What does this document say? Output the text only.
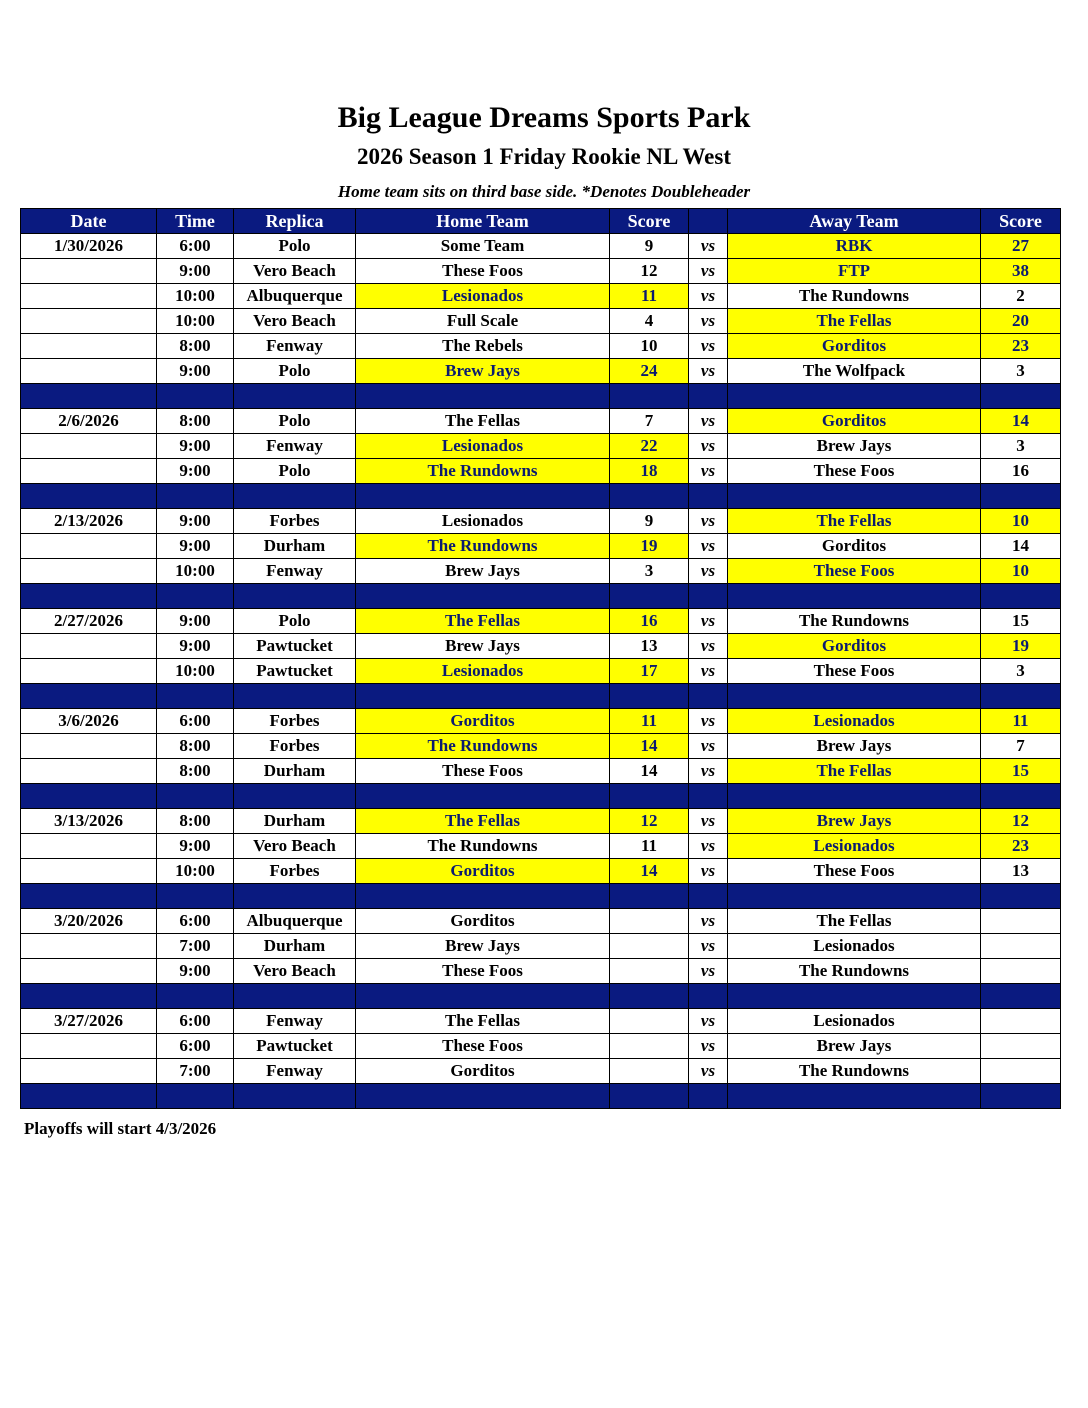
Big League Dreams Sports Park
2026 Season 1 Friday Rookie NL West
Home team sits on third base side. *Denotes Doubleheader
Date	Time	Replica	Home Team	Score		Away Team	Score
1/30/2026	6:00	Polo	Some Team	9	vs	RBK	27
	9:00	Vero Beach	These Foos	12	vs	FTP	38
	10:00	Albuquerque	Lesionados	11	vs	The Rundowns	2
	10:00	Vero Beach	Full Scale	4	vs	The Fellas	20
	8:00	Fenway	The Rebels	10	vs	Gorditos	23
	9:00	Polo	Brew Jays	24	vs	The Wolfpack	3

2/6/2026	8:00	Polo	The Fellas	7	vs	Gorditos	14
	9:00	Fenway	Lesionados	22	vs	Brew Jays	3
	9:00	Polo	The Rundowns	18	vs	These Foos	16

2/13/2026	9:00	Forbes	Lesionados	9	vs	The Fellas	10
	9:00	Durham	The Rundowns	19	vs	Gorditos	14
	10:00	Fenway	Brew Jays	3	vs	These Foos	10

2/27/2026	9:00	Polo	The Fellas	16	vs	The Rundowns	15
	9:00	Pawtucket	Brew Jays	13	vs	Gorditos	19
	10:00	Pawtucket	Lesionados	17	vs	These Foos	3

3/6/2026	6:00	Forbes	Gorditos	11	vs	Lesionados	11
	8:00	Forbes	The Rundowns	14	vs	Brew Jays	7
	8:00	Durham	These Foos	14	vs	The Fellas	15

3/13/2026	8:00	Durham	The Fellas	12	vs	Brew Jays	12
	9:00	Vero Beach	The Rundowns	11	vs	Lesionados	23
	10:00	Forbes	Gorditos	14	vs	These Foos	13

3/20/2026	6:00	Albuquerque	Gorditos		vs	The Fellas	
	7:00	Durham	Brew Jays		vs	Lesionados	
	9:00	Vero Beach	These Foos		vs	The Rundowns	

3/27/2026	6:00	Fenway	The Fellas		vs	Lesionados	
	6:00	Pawtucket	These Foos		vs	Brew Jays	
	7:00	Fenway	Gorditos		vs	The Rundowns	

Playoffs will start 4/3/2026
